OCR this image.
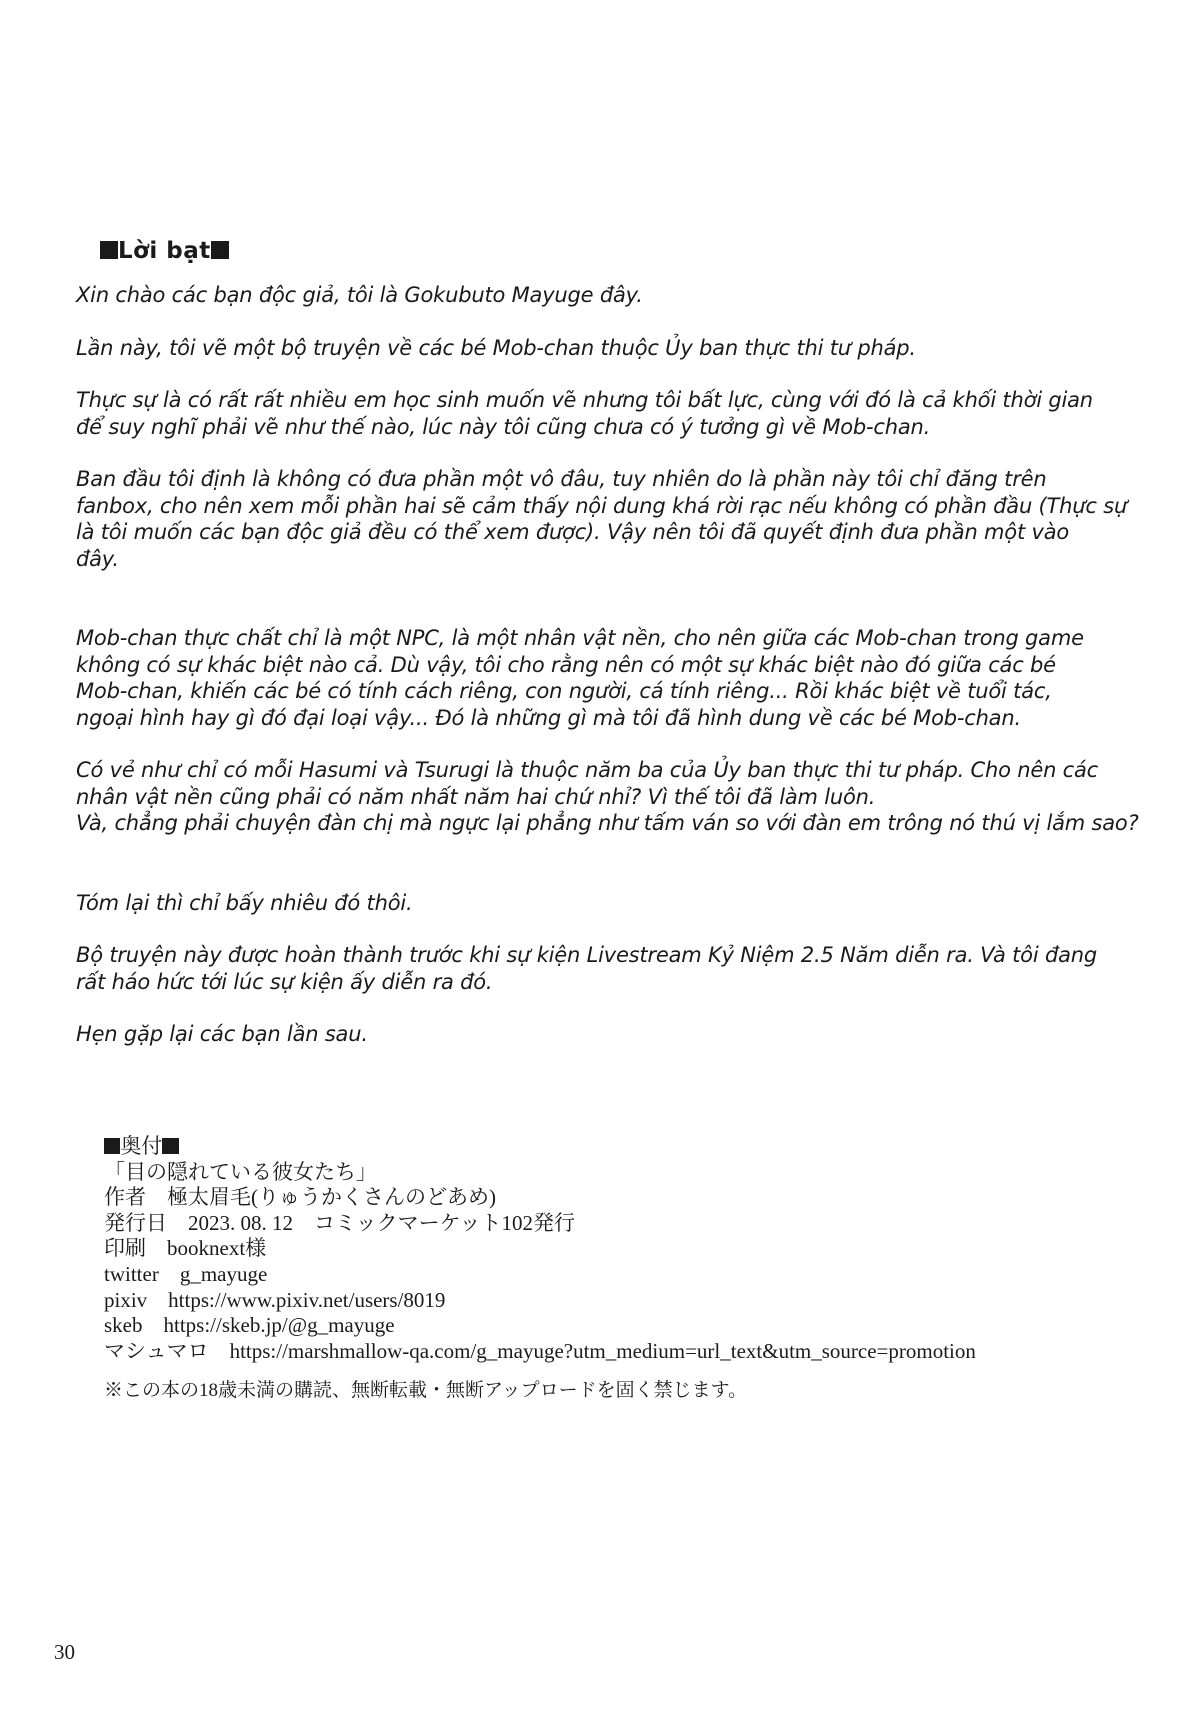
Lời bạt

Xin chào các bạn độc giả, tôi là Gokubuto Mayuge đây.

Lần này, tôi vẽ một bộ truyện về các bé Mob-chan thuộc Ủy ban thực thi tư pháp.

Thực sự là có rất rất nhiều em học sinh muốn vẽ nhưng tôi bất lực, cùng với đó là cả khối thời gian
để suy nghĩ phải vẽ như thế nào, lúc này tôi cũng chưa có ý tưởng gì về Mob-chan.

Ban đầu tôi định là không có đưa phần một vô đâu, tuy nhiên do là phần này tôi chỉ đăng trên
fanbox, cho nên xem mỗi phần hai sẽ cảm thấy nội dung khá rời rạc nếu không có phần đầu (Thực sự
là tôi muốn các bạn độc giả đều có thể xem được). Vậy nên tôi đã quyết định đưa phần một vào
đây.

Mob-chan thực chất chỉ là một NPC, là một nhân vật nền, cho nên giữa các Mob-chan trong game
không có sự khác biệt nào cả. Dù vậy, tôi cho rằng nên có một sự khác biệt nào đó giữa các bé
Mob-chan, khiến các bé có tính cách riêng, con người, cá tính riêng... Rồi khác biệt về tuổi tác,
ngoại hình hay gì đó đại loại vậy... Đó là những gì mà tôi đã hình dung về các bé Mob-chan.

Có vẻ như chỉ có mỗi Hasumi và Tsurugi là thuộc năm ba của Ủy ban thực thi tư pháp. Cho nên các
nhân vật nền cũng phải có năm nhất năm hai chứ nhỉ? Vì thế tôi đã làm luôn.
Và, chẳng phải chuyện đàn chị mà ngực lại phẳng như tấm ván so với đàn em trông nó thú vị lắm sao?

Tóm lại thì chỉ bấy nhiêu đó thôi.

Bộ truyện này được hoàn thành trước khi sự kiện Livestream Kỷ Niệm 2.5 Năm diễn ra. Và tôi đang
rất háo hức tới lúc sự kiện ấy diễn ra đó.

Hẹn gặp lại các bạn lần sau.

奥付
「目の隠れている彼女たち」
作者　極太眉毛(りゅうかくさんのどあめ)
発行日　2023. 08. 12　コミックマーケット102発行
印刷　booknext様
twitter　g_mayuge
pixiv　https://www.pixiv.net/users/8019
skeb　https://skeb.jp/@g_mayuge
マシュマロ　https://marshmallow-qa.com/g_mayuge?utm_medium=url_text&utm_source=promotion
※この本の18歳未満の購読、無断転載・無断アップロードを固く禁じます。
30
